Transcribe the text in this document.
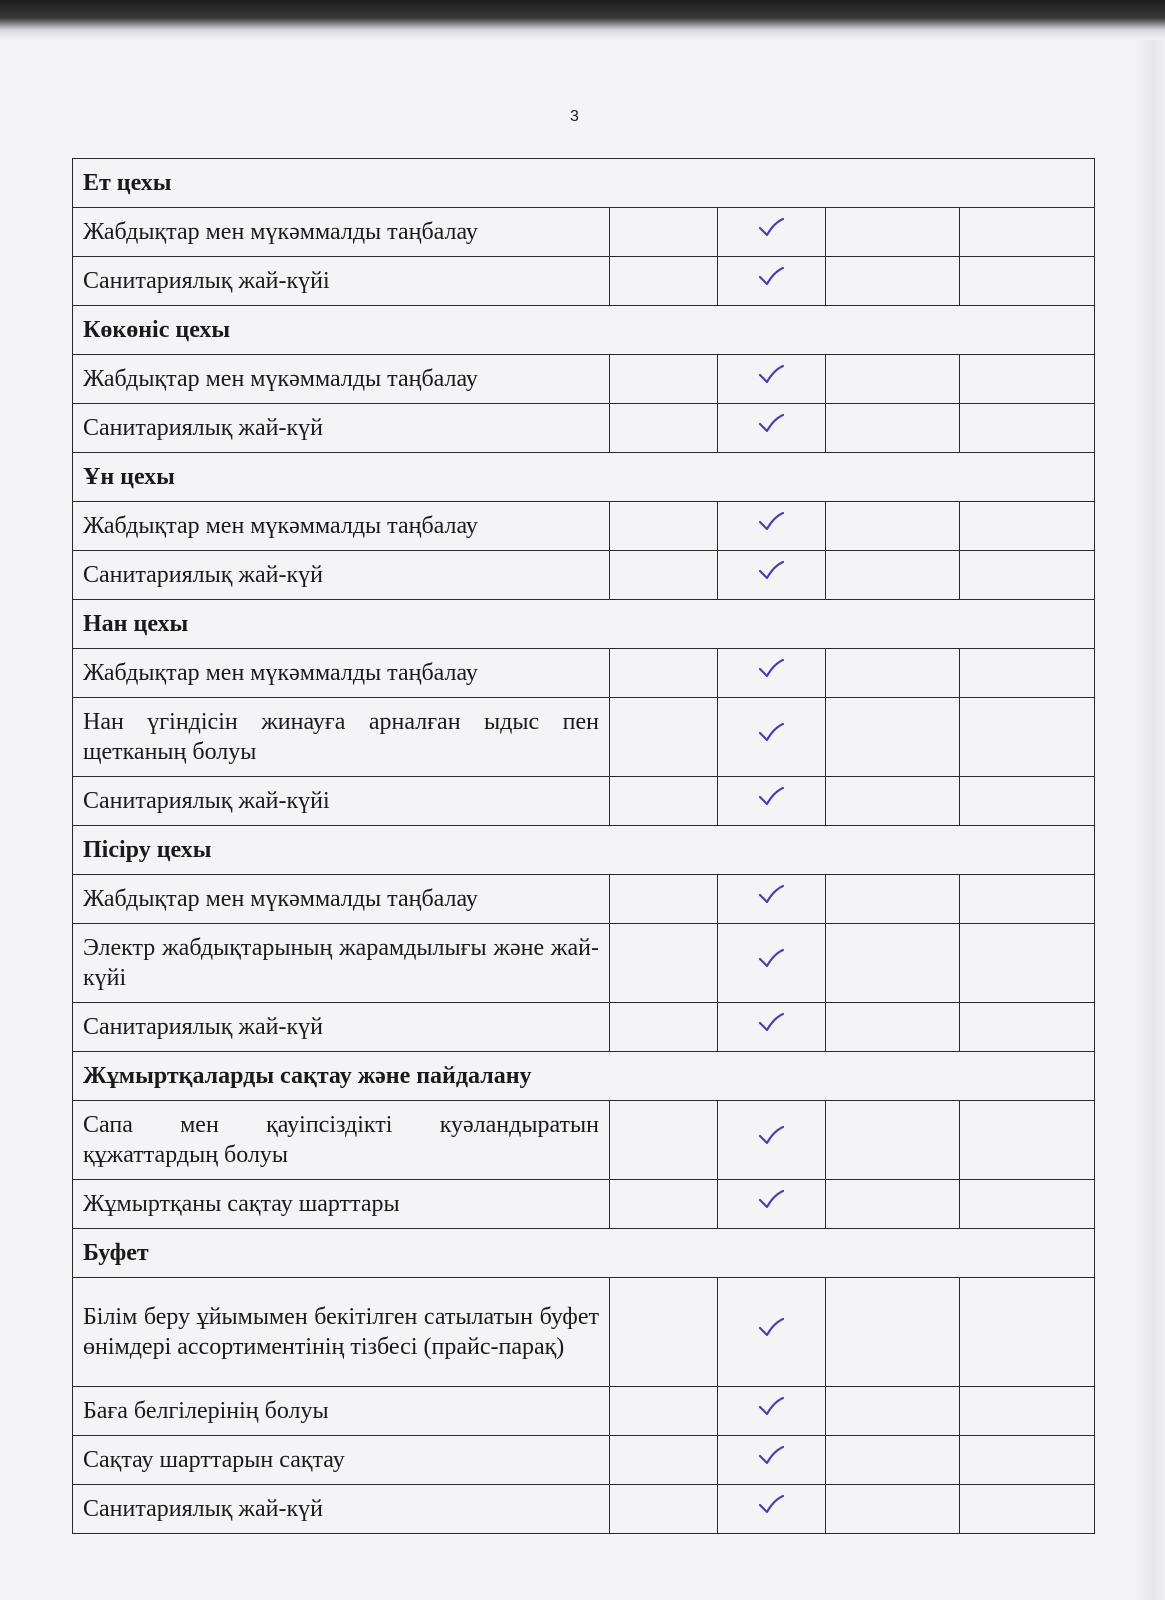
3
Ет цехы				
Жабдықтар мен мүкәммалды таңбалау				
Санитариялық жай-күйі				
Көкөніс цехы				
Жабдықтар мен мүкәммалды таңбалау				
Санитариялық жай-күй				
Ұн цехы				
Жабдықтар мен мүкәммалды таңбалау				
Санитариялық жай-күй				
Нан цехы				
Жабдықтар мен мүкәммалды таңбалау				
Нан үгіндісін жинауға арналған ыдыс пен щетканың болуы				
Санитариялық жай-күйі				
Пісіру цехы				
Жабдықтар мен мүкәммалды таңбалау				
Электр жабдықтарының жарамдылығы және жай-күйі				
Санитариялық жай-күй				
Жұмыртқаларды сақтау және пайдалану				
Сапа мен қауіпсіздікті куәландыратын құжаттардың болуы				
Жұмыртқаны сақтау шарттары				
Буфет				
Білім беру ұйымымен бекітілген сатылатын буфет өнімдері ассортиментінің тізбесі (прайс-парақ)				
Баға белгілерінің болуы				
Сақтау шарттарын сақтау				
Санитариялық жай-күй				
